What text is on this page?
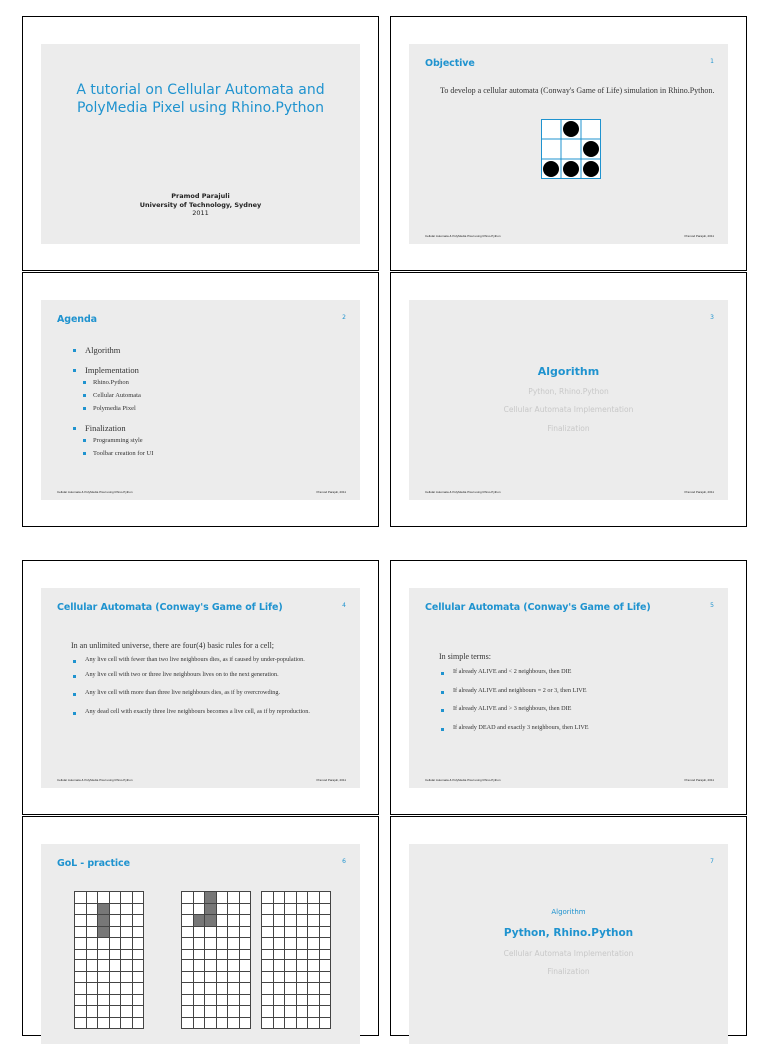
A tutorial on Cellular Automata and PolyMedia Pixel using Rhino.Python
Pramod Parajuli
University of Technology, Sydney
2011
Objective	1
To develop a cellular automata (Conway's Game of Life) simulation in Rhino.Python.
Cellular Automata & PolyMedia Pixel using Rhino.Python	Pramod Parajuli, 2011
Agenda	2
Algorithm
Implementation
Rhino.Python
Cellular Automata
Polymedia Pixel
Finalization
Programming style
Toolbar creation for UI
Cellular Automata & PolyMedia Pixel using Rhino.Python	Pramod Parajuli, 2011
3
Algorithm
Python, Rhino.Python
Cellular Automata Implementation
Finalization
Cellular Automata & PolyMedia Pixel using Rhino.Python	Pramod Parajuli, 2011
Cellular Automata (Conway's Game of Life)	4
In an unlimited universe, there are four(4) basic rules for a cell;
Any live cell with fewer than two live neighbours dies, as if caused by under-population.
Any live cell with two or three live neighbours lives on to the next generation.
Any live cell with more than three live neighbours dies, as if by overcrowding.
Any dead cell with exactly three live neighbours becomes a live cell, as if by reproduction.
Cellular Automata & PolyMedia Pixel using Rhino.Python	Pramod Parajuli, 2011
Cellular Automata (Conway's Game of Life)	5
In simple terms:
If already ALIVE and < 2 neighbours, then DIE
If already ALIVE and neighbours = 2 or 3, then LIVE
If already ALIVE and > 3 neighbours, then DIE
If already DEAD and exactly 3 neighbours, then LIVE
Cellular Automata & PolyMedia Pixel using Rhino.Python	Pramod Parajuli, 2011
GoL - practice	6	7
Algorithm
Python, Rhino.Python
Cellular Automata Implementation
Finalization
